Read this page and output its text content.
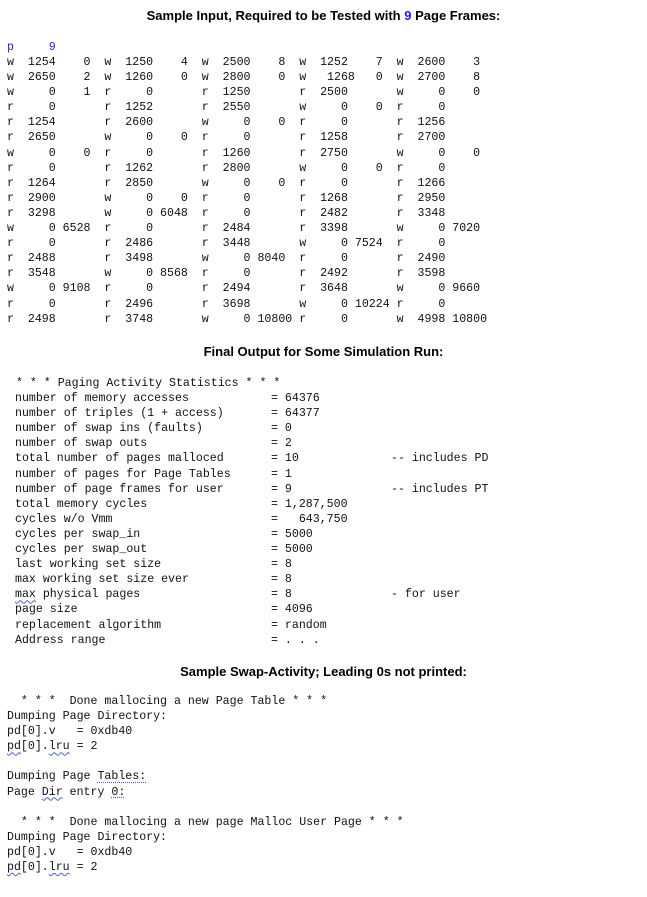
Sample Input, Required to be Tested with 9 Page Frames:
p	9
w  1254    0  w  1250    4  w  2500    8  w  1252    7  w  2600    3
w  2650    2  w  1260    0  w  2800    0  w   1268   0  w  2700    8
w     0    1  r     0       r  1250       r  2500       w     0    0
r     0       r  1252       r  2550       w     0    0  r     0
r  1254       r  2600       w     0    0  r     0       r  1256
r  2650       w     0    0  r     0       r  1258       r  2700
w     0    0  r     0       r  1260       r  2750       w     0    0
r     0       r  1262       r  2800       w     0    0  r     0
r  1264       r  2850       w     0    0  r     0       r  1266
r  2900       w     0    0  r     0       r  1268       r  2950
r  3298       w     0 6048  r     0       r  2482       r  3348
w     0 6528  r     0       r  2484       r  3398       w     0 7020
r     0       r  2486       r  3448       w     0 7524  r     0
r  2488       r  3498       w     0 8040  r     0       r  2490
r  3548       w     0 8568  r     0       r  2492       r  3598
w     0 9108  r     0       r  2494       r  3648       w     0 9660
r     0       r  2496       r  3698       w     0 10224 r     0
r  2498       r  3748       w     0 10800 r     0       w  4998 10800
Final Output for Some Simulation Run:
* * * Paging Activity Statistics * * *
number of memory accesses	= 64376
number of triples (1 + access)	= 64377
number of swap ins (faults)	= 0
number of swap outs	= 2
total number of pages malloced	= 10	-- includes PD
number of pages for Page Tables	= 1
number of page frames for user	= 9	-- includes PT
total memory cycles	= 1,287,500
cycles w/o Vmm	=   643,750
cycles per swap_in	= 5000
cycles per swap_out	= 5000
last working set size	= 8
max working set size ever	= 8
max physical pages	= 8	- for user
page size	= 4096
replacement algorithm	= random
Address range	= . . .
Sample Swap-Activity; Leading 0s not printed:
* * *  Done mallocing a new Page Table * * *
Dumping Page Directory:
pd[0].v   = 0xdb40
pd[0].lru = 2

Dumping Page Tables:
Page Dir entry 0:

* * *  Done mallocing a new page Malloc User Page * * *
Dumping Page Directory:
pd[0].v   = 0xdb40
pd[0].lru = 2
